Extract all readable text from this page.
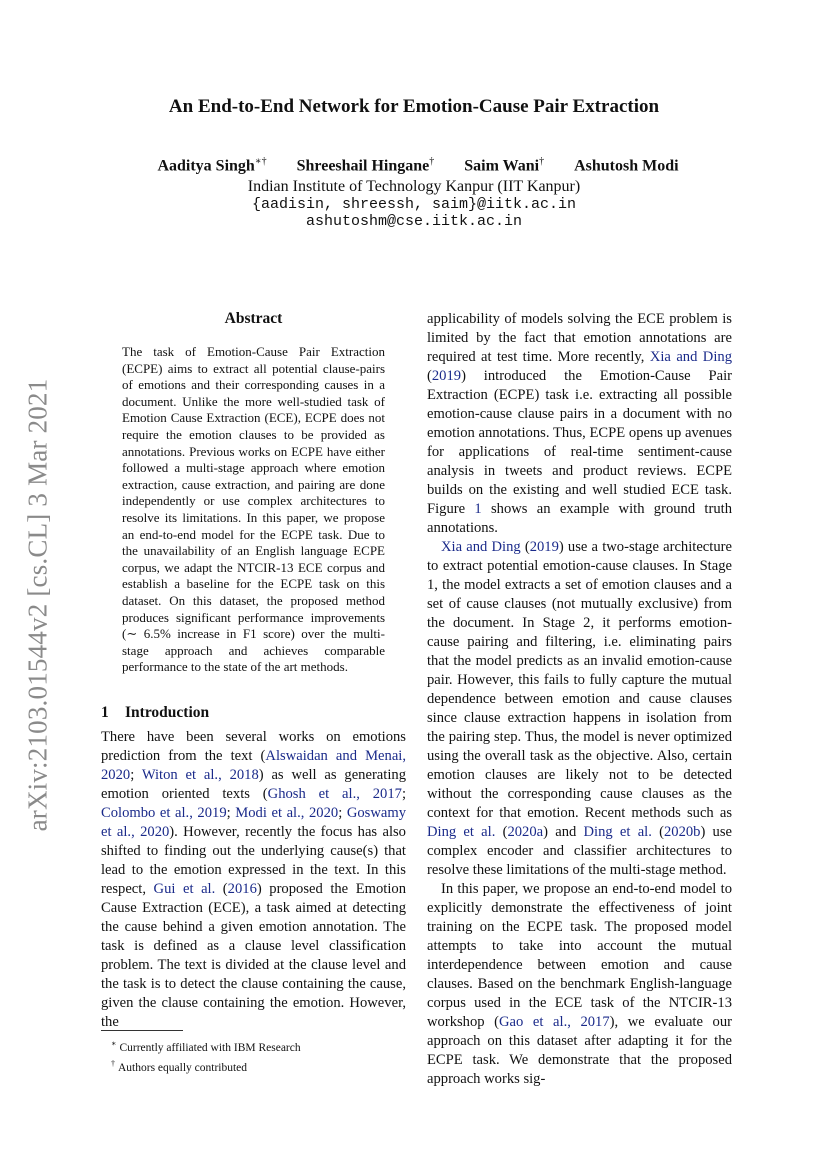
arXiv:2103.01544v2 [cs.CL] 3 Mar 2021
An End-to-End Network for Emotion-Cause Pair Extraction
Aaditya Singh∗† Shreeshail Hingane† Saim Wani† Ashutosh Modi
Indian Institute of Technology Kanpur (IIT Kanpur)
{aadisin, shreessh, saim}@iitk.ac.in
ashutoshm@cse.iitk.ac.in
Abstract

The task of Emotion-Cause Pair Extraction (ECPE) aims to extract all potential clause-pairs of emotions and their corresponding causes in a document. Unlike the more well-studied task of Emotion Cause Extraction (ECE), ECPE does not require the emotion clauses to be provided as annotations. Previous works on ECPE have either followed a multi-stage approach where emotion extraction, cause extraction, and pairing are done independently or use complex architectures to resolve its limitations. In this paper, we propose an end-to-end model for the ECPE task. Due to the unavailability of an English language ECPE corpus, we adapt the NTCIR-13 ECE corpus and establish a baseline for the ECPE task on this dataset. On this dataset, the proposed method produces significant performance improvements (∼ 6.5% increase in F1 score) over the multi-stage approach and achieves comparable performance to the state of the art methods.

1 Introduction

There have been several works on emotions prediction from the text (Alswaidan and Menai, 2020; Witon et al., 2018) as well as generating emotion oriented texts (Ghosh et al., 2017; Colombo et al., 2019; Modi et al., 2020; Goswamy et al., 2020). However, recently the focus has also shifted to finding out the underlying cause(s) that lead to the emotion expressed in the text. In this respect, Gui et al. (2016) proposed the Emotion Cause Extraction (ECE), a task aimed at detecting the cause behind a given emotion annotation. The task is defined as a clause level classification problem. The text is divided at the clause level and the task is to detect the clause containing the cause, given the clause containing the emotion. However, the

∗ Currently affiliated with IBM Research
† Authors equally contributed

applicability of models solving the ECE problem is limited by the fact that emotion annotations are required at test time. More recently, Xia and Ding (2019) introduced the Emotion-Cause Pair Extraction (ECPE) task i.e. extracting all possible emotion-cause clause pairs in a document with no emotion annotations. Thus, ECPE opens up avenues for applications of real-time sentiment-cause analysis in tweets and product reviews. ECPE builds on the existing and well studied ECE task. Figure 1 shows an example with ground truth annotations.

Xia and Ding (2019) use a two-stage architecture to extract potential emotion-cause clauses. In Stage 1, the model extracts a set of emotion clauses and a set of cause clauses (not mutually exclusive) from the document. In Stage 2, it performs emotion-cause pairing and filtering, i.e. eliminating pairs that the model predicts as an invalid emotion-cause pair. However, this fails to fully capture the mutual dependence between emotion and cause clauses since clause extraction happens in isolation from the pairing step. Thus, the model is never optimized using the overall task as the objective. Also, certain emotion clauses are likely not to be detected without the corresponding cause clauses as the context for that emotion. Recent methods such as Ding et al. (2020a) and Ding et al. (2020b) use complex encoder and classifier architectures to resolve these limitations of the multi-stage method.

In this paper, we propose an end-to-end model to explicitly demonstrate the effectiveness of joint training on the ECPE task. The proposed model attempts to take into account the mutual interdependence between emotion and cause clauses. Based on the benchmark English-language corpus used in the ECE task of the NTCIR-13 workshop (Gao et al., 2017), we evaluate our approach on this dataset after adapting it for the ECPE task. We demonstrate that the proposed approach works sig-
